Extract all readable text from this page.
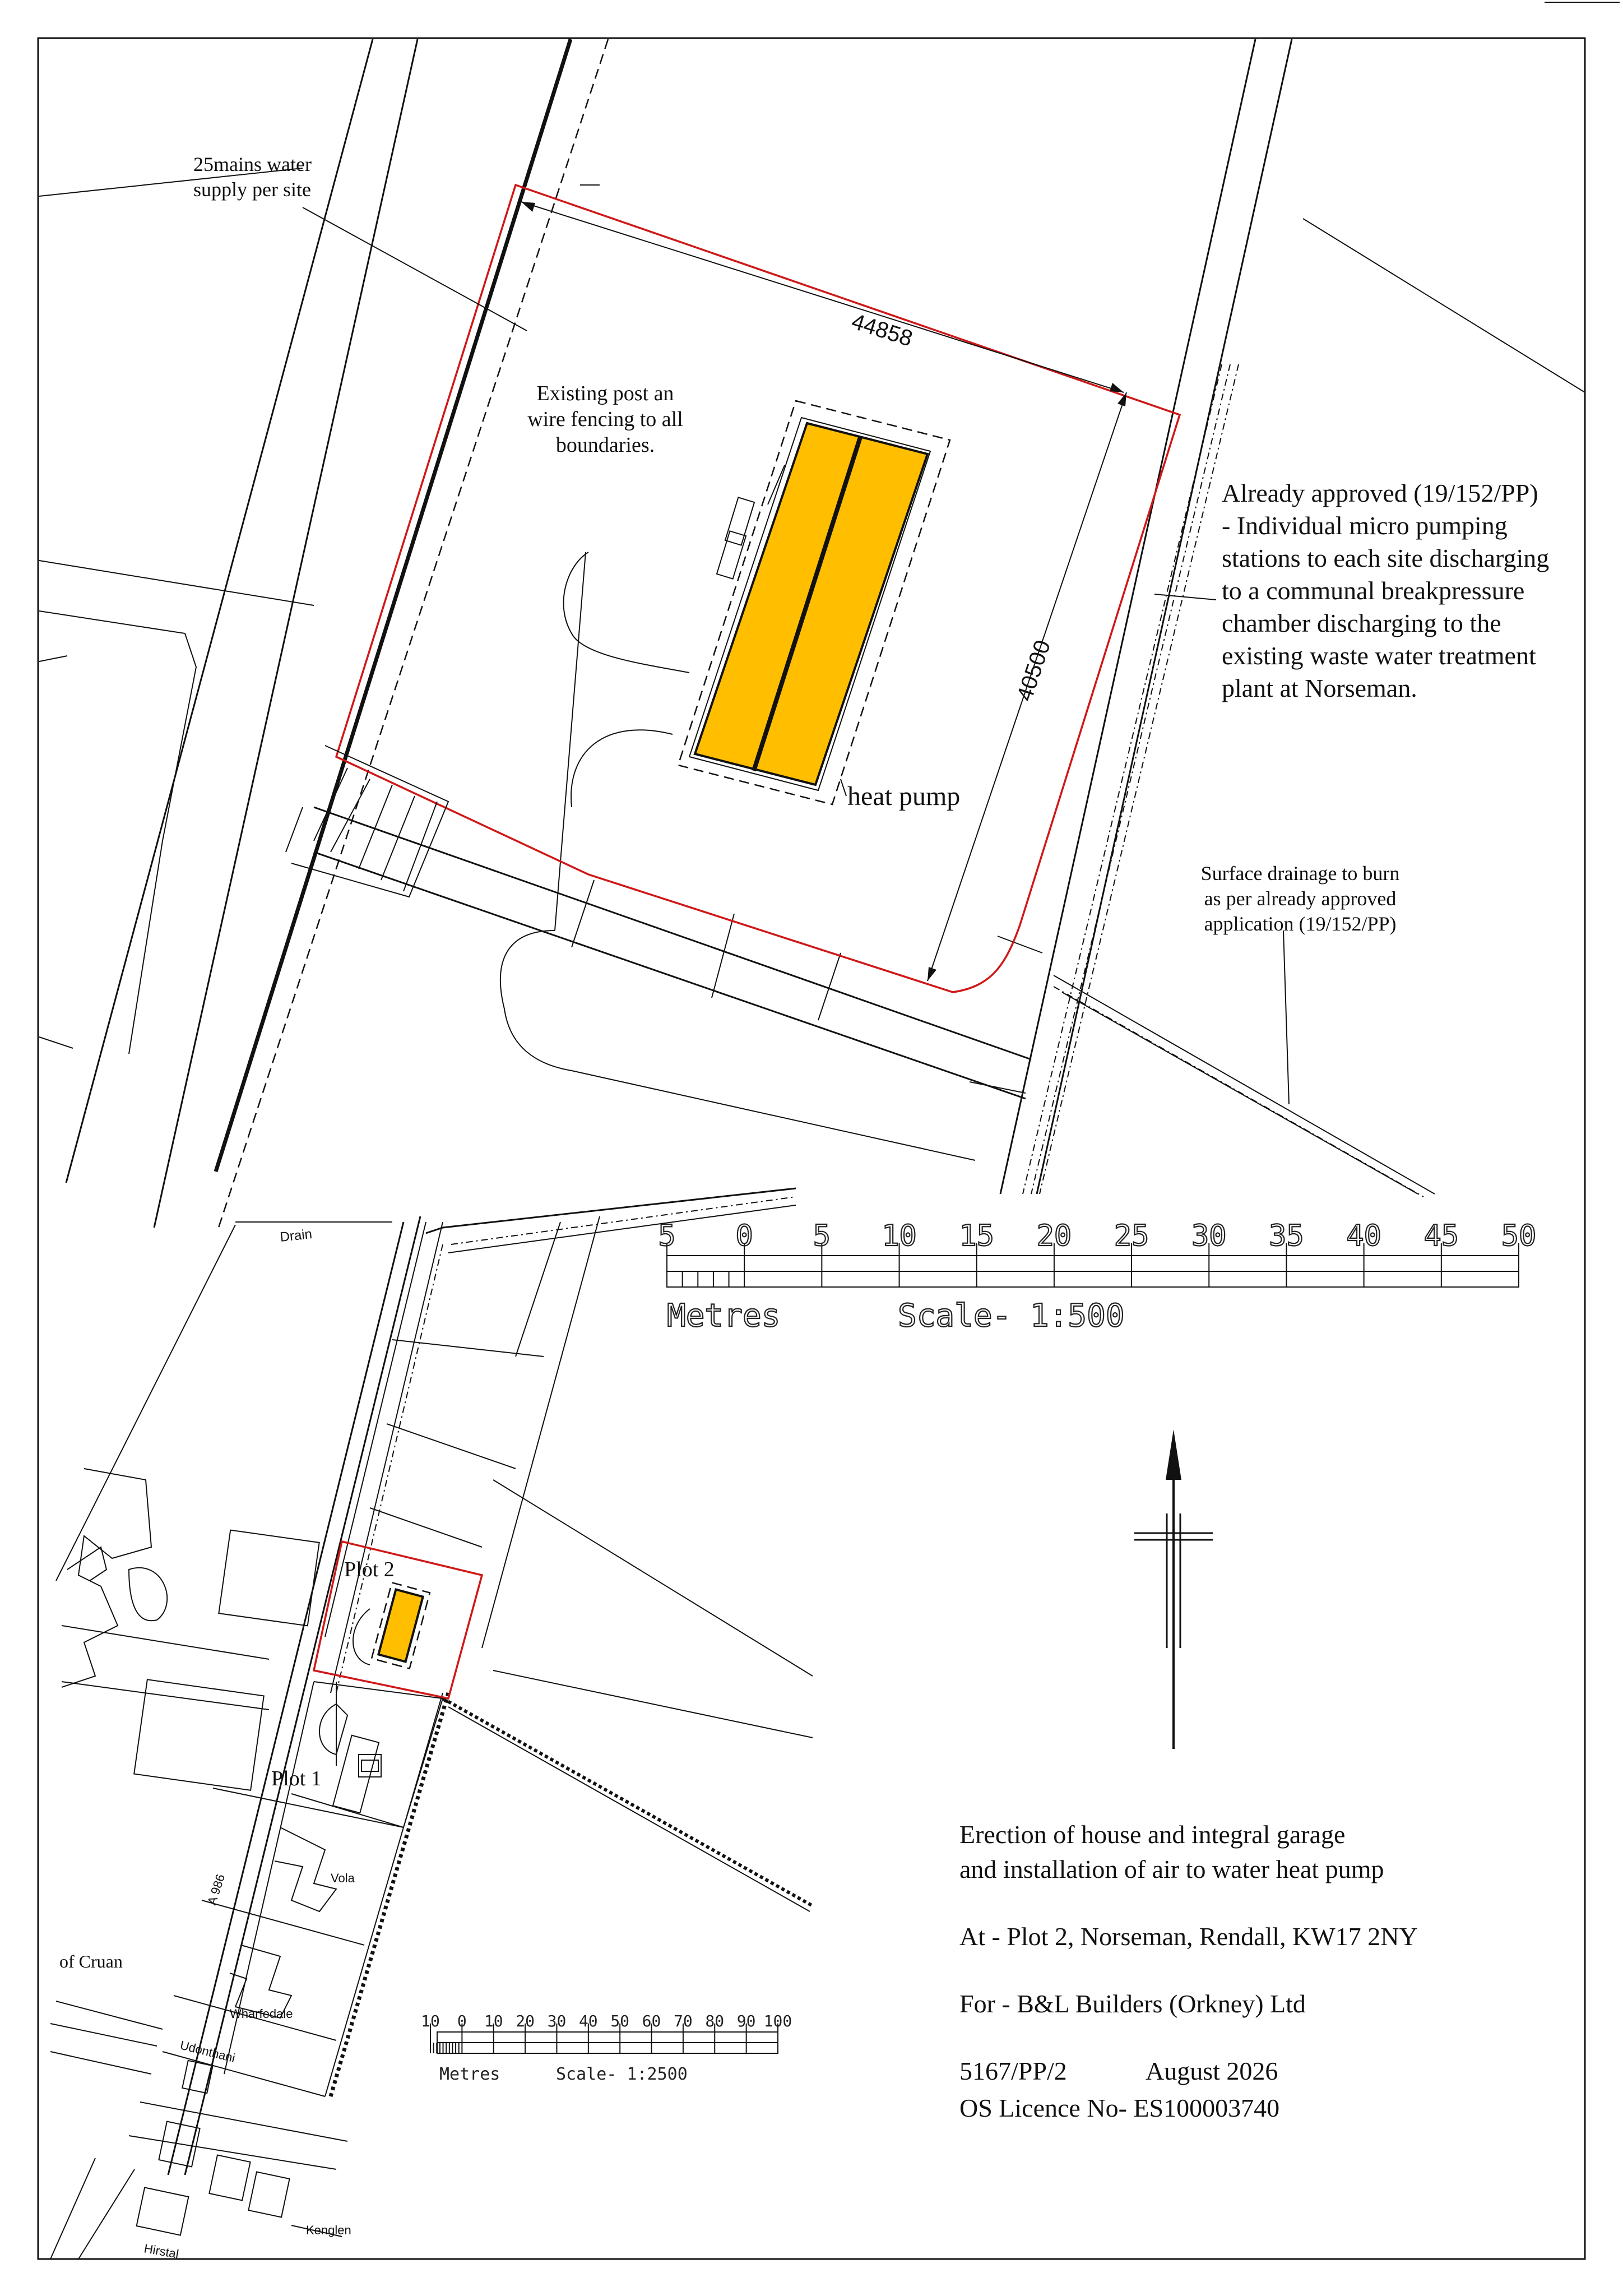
44858
40500
25mains water
supply per site
Existing post an
wire fencing to all
boundaries.
heat pump
Already approved (19/152/PP)
- Individual micro pumping
stations to each site discharging
to a communal breakpressure
chamber discharging to the
existing waste water treatment
plant at Norseman.
Surface drainage to burn
as per already approved
application (19/152/PP)
5 0 5 10 15 20 25 30 35 40 45 50
Metres	Scale- 1:500
Drain
Plot 2
Plot 1
A 986	Vola
of Cruan
Wharfedale
Udonthani
Hirstal
Kenglen
10 0 10 20 30 40 50 60 70 80 90 100
Metres	Scale- 1:2500
Erection of house and integral garage
and installation of air to water heat pump
At - Plot 2, Norseman, Rendall, KW17 2NY
For - B&L Builders (Orkney) Ltd
5167/PP/2	August 2026
OS Licence No- ES100003740
